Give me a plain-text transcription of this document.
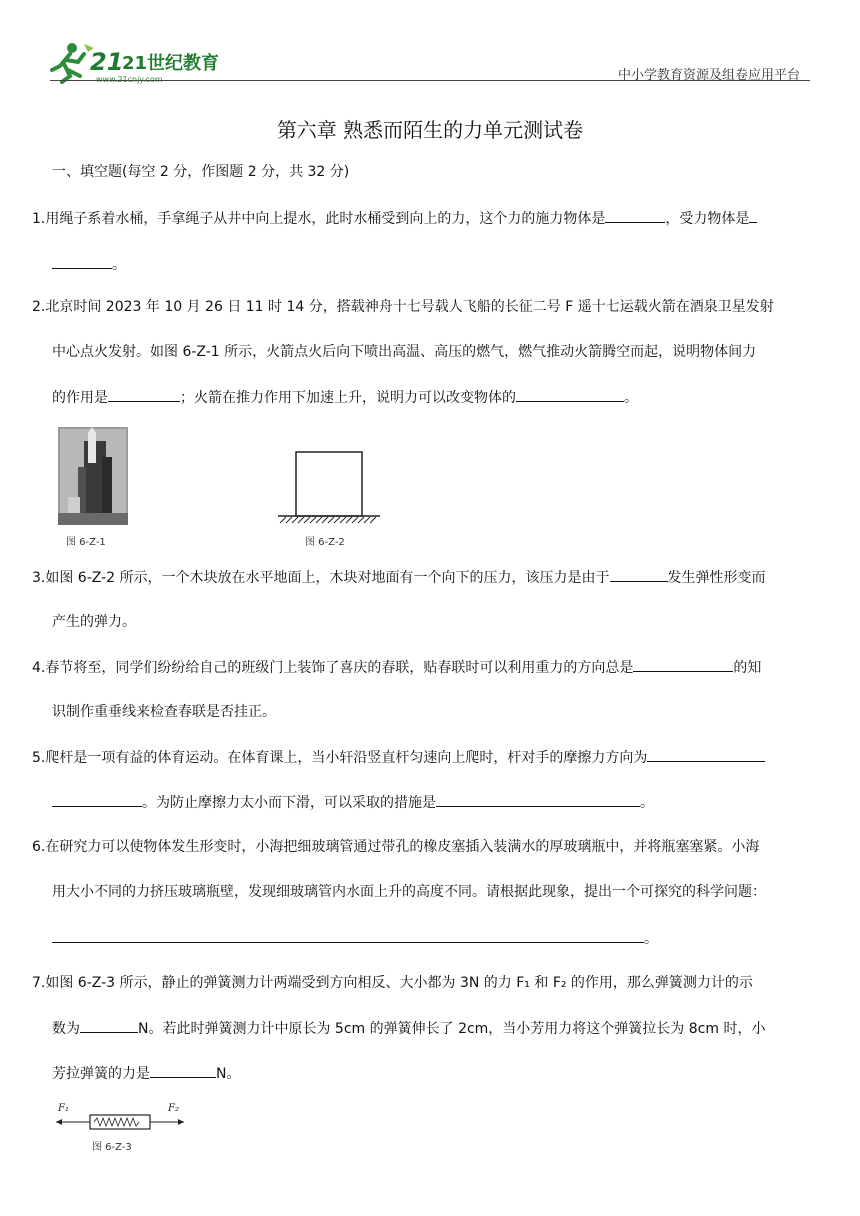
21
21世纪教育
www.21cnjy.com	中小学教育资源及组卷应用平台
第六章 熟悉而陌生的力单元测试卷
一、填空题(每空 2 分，作图题 2 分，共 32 分)
1.用绳子系着水桶，手拿绳子从井中向上提水，此时水桶受到向上的力，这个力的施力物体是	，受力物体是
。
2.北京时间 2023 年 10 月 26 日 11 时 14 分，搭载神舟十七号载人飞船的长征二号 F 遥十七运载火箭在酒泉卫星发射
中心点火发射。如图 6-Z-1 所示，火箭点火后向下喷出高温、高压的燃气，燃气推动火箭腾空而起，说明物体间力
的作用是	；火箭在推力作用下加速上升，说明力可以改变物体的	。
图 6-Z-1	图 6-Z-2
3.如图 6-Z-2 所示，一个木块放在水平地面上，木块对地面有一个向下的压力，该压力是由于	发生弹性形变而
产生的弹力。
4.春节将至，同学们纷纷给自己的班级门上装饰了喜庆的春联，贴春联时可以利用重力的方向总是	的知
识制作重垂线来检查春联是否挂正。
5.爬杆是一项有益的体育运动。在体育课上，当小轩沿竖直杆匀速向上爬时，杆对手的摩擦力方向为
。为防止摩擦力太小而下滑，可以采取的措施是	。
6.在研究力可以使物体发生形变时，小海把细玻璃管通过带孔的橡皮塞插入装满水的厚玻璃瓶中，并将瓶塞塞紧。小海
用大小不同的力挤压玻璃瓶壁，发现细玻璃管内水面上升的高度不同。请根据此现象，提出一个可探究的科学问题：
。
7.如图 6-Z-3 所示，静止的弹簧测力计两端受到方向相反、大小都为 3N 的力 F₁ 和 F₂ 的作用，那么弹簧测力计的示
数为	N。若此时弹簧测力计中原长为 5cm 的弹簧伸长了 2cm，当小芳用力将这个弹簧拉长为 8cm 时，小
芳拉弹簧的力是	N。
F₁	F₂
图 6-Z-3
